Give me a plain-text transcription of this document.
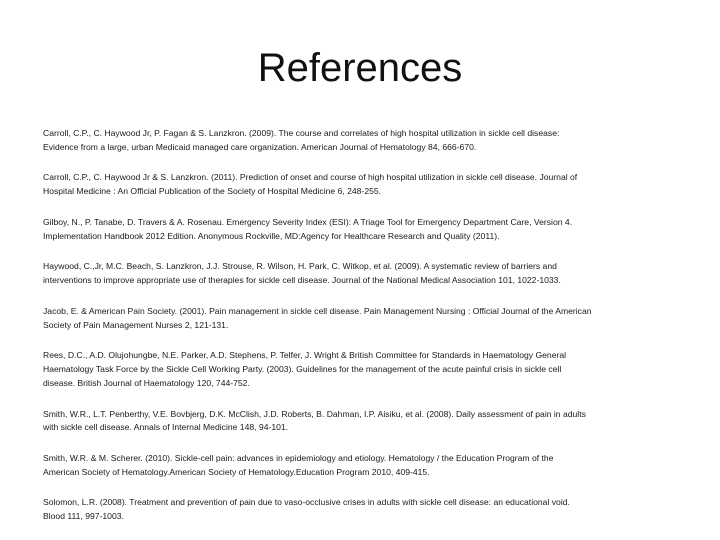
References
Carroll, C.P., C. Haywood Jr, P. Fagan & S. Lanzkron. (2009). The course and correlates of high hospital utilization in sickle cell disease:
Evidence from a large, urban Medicaid managed care organization. American Journal of Hematology 84, 666-670.
Carroll, C.P., C. Haywood Jr & S. Lanzkron. (2011). Prediction of onset and course of high hospital utilization in sickle cell disease. Journal of
Hospital Medicine : An Official Publication of the Society of Hospital Medicine 6, 248-255.
Gilboy, N., P. Tanabe, D. Travers & A. Rosenau. Emergency Severity Index (ESI): A Triage Tool for Emergency Department Care, Version 4.
Implementation Handbook 2012 Edition. Anonymous Rockville, MD:Agency for Healthcare Research and Quality (2011).
Haywood, C.,Jr, M.C. Beach, S. Lanzkron, J.J. Strouse, R. Wilson, H. Park, C. Witkop, et al. (2009). A systematic review of barriers and
interventions to improve appropriate use of therapies for sickle cell disease. Journal of the National Medical Association 101, 1022-1033.
Jacob, E. & American Pain Society. (2001). Pain management in sickle cell disease. Pain Management Nursing : Official Journal of the American
Society of Pain Management Nurses 2, 121-131.
Rees, D.C., A.D. Olujohungbe, N.E. Parker, A.D. Stephens, P. Telfer, J. Wright & British Committee for Standards in Haematology General
Haematology Task Force by the Sickle Cell Working Party. (2003). Guidelines for the management of the acute painful crisis in sickle cell
disease. British Journal of Haematology 120, 744-752.
Smith, W.R., L.T. Penberthy, V.E. Bovbjerg, D.K. McClish, J.D. Roberts, B. Dahman, I.P. Aisiku, et al. (2008). Daily assessment of pain in adults
with sickle cell disease. Annals of Internal Medicine 148, 94-101.
Smith, W.R. & M. Scherer. (2010). Sickle-cell pain: advances in epidemiology and etiology. Hematology / the Education Program of the
American Society of Hematology.American Society of Hematology.Education Program 2010, 409-415.
Solomon, L.R. (2008). Treatment and prevention of pain due to vaso-occlusive crises in adults with sickle cell disease: an educational void.
Blood 111, 997-1003.
